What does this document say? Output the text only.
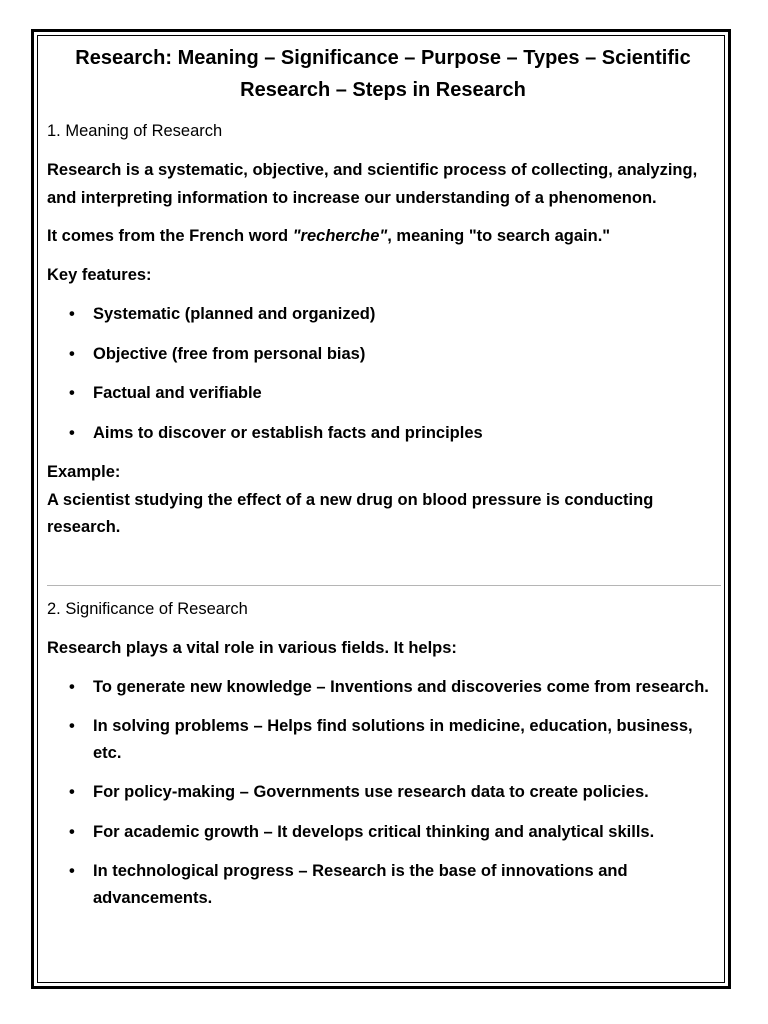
Research: Meaning – Significance – Purpose – Types – Scientific Research – Steps in Research
1. Meaning of Research

Research is a systematic, objective, and scientific process of collecting, analyzing, and interpreting information to increase our understanding of a phenomenon.

It comes from the French word "recherche", meaning "to search again."

Key features:

• Systematic (planned and organized)
• Objective (free from personal bias)
• Factual and verifiable
• Aims to discover or establish facts and principles

Example:

A scientist studying the effect of a new drug on blood pressure is conducting research.

2. Significance of Research

Research plays a vital role in various fields. It helps:

• To generate new knowledge – Inventions and discoveries come from research.
• In solving problems – Helps find solutions in medicine, education, business, etc.
• For policy-making – Governments use research data to create policies.
• For academic growth – It develops critical thinking and analytical skills.
• In technological progress – Research is the base of innovations and advancements.
